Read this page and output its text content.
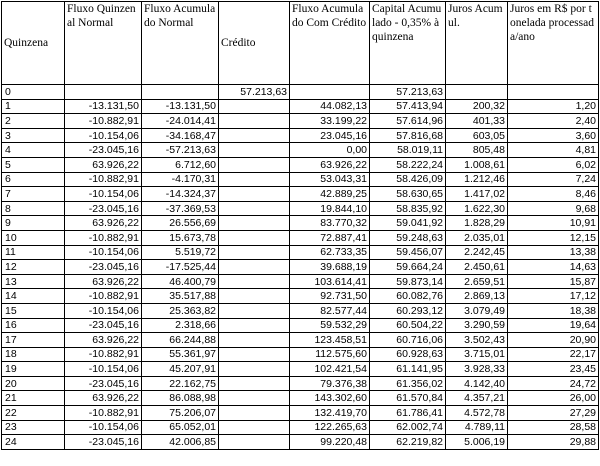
Quinzena	Fluxo Quinzenal Normal	Fluxo Acumulado Normal	Crédito	Fluxo Acumulado Com Crédito	Capital Acumulado - 0,35% à quinzena	Juros Acumul.	Juros em R$ por tonelada processada/ano
0			57.213,63		57.213,63		
1	-13.131,50	-13.131,50		44.082,13	57.413,94	200,32	1,20
2	-10.882,91	-24.014,41		33.199,22	57.614,96	401,33	2,40
3	-10.154,06	-34.168,47		23.045,16	57.816,68	603,05	3,60
4	-23.045,16	-57.213,63		0,00	58.019,11	805,48	4,81
5	63.926,22	6.712,60		63.926,22	58.222,24	1.008,61	6,02
6	-10.882,91	-4.170,31		53.043,31	58.426,09	1.212,46	7,24
7	-10.154,06	-14.324,37		42.889,25	58.630,65	1.417,02	8,46
8	-23.045,16	-37.369,53		19.844,10	58.835,92	1.622,30	9,68
9	63.926,22	26.556,69		83.770,32	59.041,92	1.828,29	10,91
10	-10.882,91	15.673,78		72.887,41	59.248,63	2.035,01	12,15
11	-10.154,06	5.519,72		62.733,35	59.456,07	2.242,45	13,38
12	-23.045,16	-17.525,44		39.688,19	59.664,24	2.450,61	14,63
13	63.926,22	46.400,79		103.614,41	59.873,14	2.659,51	15,87
14	-10.882,91	35.517,88		92.731,50	60.082,76	2.869,13	17,12
15	-10.154,06	25.363,82		82.577,44	60.293,12	3.079,49	18,38
16	-23.045,16	2.318,66		59.532,29	60.504,22	3.290,59	19,64
17	63.926,22	66.244,88		123.458,51	60.716,06	3.502,43	20,90
18	-10.882,91	55.361,97		112.575,60	60.928,63	3.715,01	22,17
19	-10.154,06	45.207,91		102.421,54	61.141,95	3.928,33	23,45
20	-23.045,16	22.162,75		79.376,38	61.356,02	4.142,40	24,72
21	63.926,22	86.088,98		143.302,60	61.570,84	4.357,21	26,00
22	-10.882,91	75.206,07		132.419,70	61.786,41	4.572,78	27,29
23	-10.154,06	65.052,01		122.265,63	62.002,74	4.789,11	28,58
24	-23.045,16	42.006,85		99.220,48	62.219,82	5.006,19	29,88
